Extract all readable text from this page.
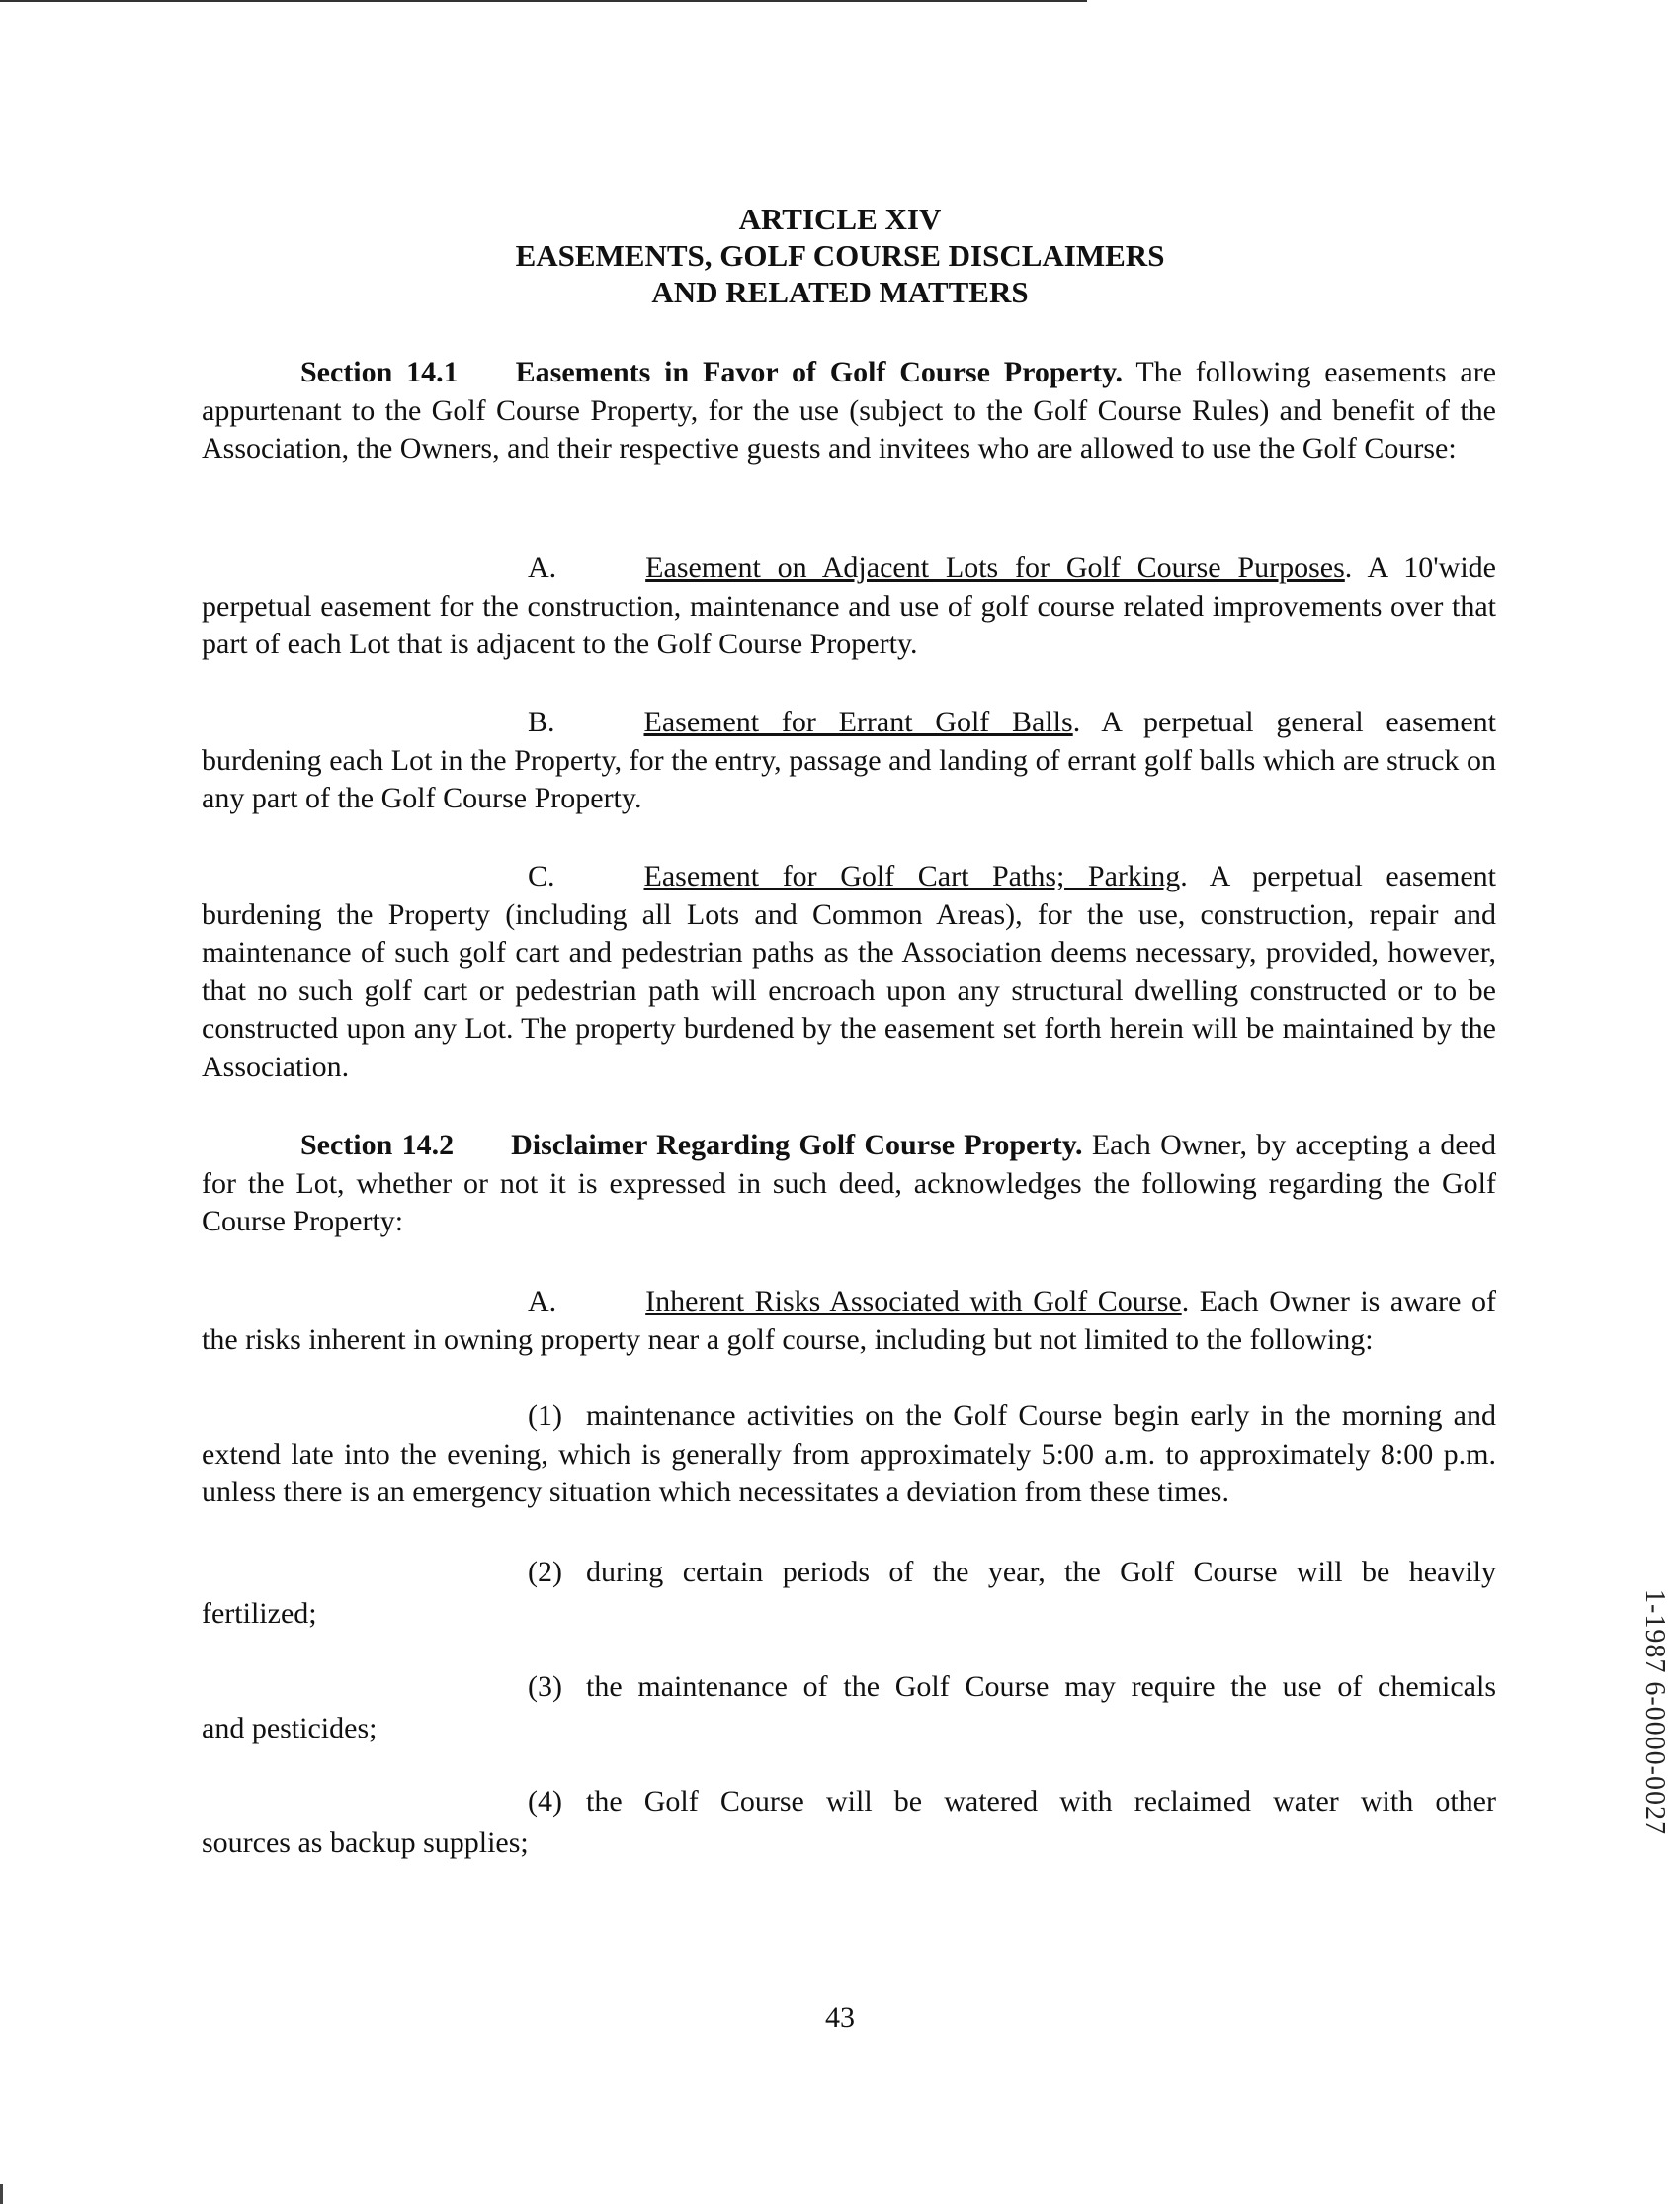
ARTICLE XIV
EASEMENTS, GOLF COURSE DISCLAIMERS
AND RELATED MATTERS
Section 14.1 Easements in Favor of Golf Course Property. The following easements are appurtenant to the Golf Course Property, for the use (subject to the Golf Course Rules) and benefit of the Association, the Owners, and their respective guests and invitees who are allowed to use the Golf Course:
A.	Easement on Adjacent Lots for Golf Course Purposes. A 10'wide perpetual easement for the construction, maintenance and use of golf course related improvements over that part of each Lot that is adjacent to the Golf Course Property.
B.	Easement for Errant Golf Balls. A perpetual general easement burdening each Lot in the Property, for the entry, passage and landing of errant golf balls which are struck on any part of the Golf Course Property.
C.	Easement for Golf Cart Paths; Parking. A perpetual easement burdening the Property (including all Lots and Common Areas), for the use, construction, repair and maintenance of such golf cart and pedestrian paths as the Association deems necessary, provided, however, that no such golf cart or pedestrian path will encroach upon any structural dwelling constructed or to be constructed upon any Lot. The property burdened by the easement set forth herein will be maintained by the Association.
Section 14.2 Disclaimer Regarding Golf Course Property. Each Owner, by accepting a deed for the Lot, whether or not it is expressed in such deed, acknowledges the following regarding the Golf Course Property:
A.	Inherent Risks Associated with Golf Course. Each Owner is aware of the risks inherent in owning property near a golf course, including but not limited to the following:
(1) maintenance activities on the Golf Course begin early in the morning and extend late into the evening, which is generally from approximately 5:00 a.m. to approximately 8:00 p.m. unless there is an emergency situation which necessitates a deviation from these times.
(2) during certain periods of the year, the Golf Course will be heavily
fertilized;
(3) the maintenance of the Golf Course may require the use of chemicals
and pesticides;
(4) the Golf Course will be watered with reclaimed water with other
sources as backup supplies;
43
1-1987 6-0000-0027
